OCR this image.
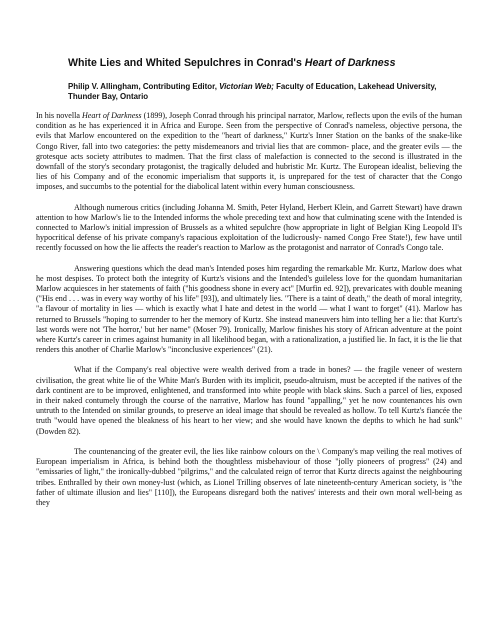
White Lies and Whited Sepulchres in Conrad's Heart of Darkness
Philip V. Allingham, Contributing Editor, Victorian Web; Faculty of Education, Lakehead University, Thunder Bay, Ontario

In his novella Heart of Darkness (1899), Joseph Conrad through his principal narrator, Marlow, reflects upon the evils of the human condition as he has experienced it in Africa and Europe. Seen from the perspective of Conrad's nameless, objective persona, the evils that Marlow encountered on the expedition to the "heart of darkness," Kurtz's Inner Station on the banks of the snake-like Congo River, fall into two categories: the petty misdemeanors and trivial lies that are common- place, and the greater evils — the grotesque acts society attributes to madmen. That the first class of malefaction is connected to the second is illustrated in the downfall of the story's secondary protagonist, the tragically deluded and hubristic Mr. Kurtz. The European idealist, believing the lies of his Company and of the economic imperialism that supports it, is unprepared for the test of character that the Congo imposes, and succumbs to the potential for the diabolical latent within every human consciousness.

Although numerous critics (including Johanna M. Smith, Peter Hyland, Herbert Klein, and Garrett Stewart) have drawn attention to how Marlow's lie to the Intended informs the whole preceding text and how that culminating scene with the Intended is connected to Marlow's initial impression of Brussels as a whited sepulchre (how appropriate in light of Belgian King Leopold II's hypocritical defense of his private company's rapacious exploitation of the ludicrously- named Congo Free State!), few have until recently focussed on how the lie affects the reader's reaction to Marlow as the protagonist and narrator of Conrad's Congo tale.

Answering questions which the dead man's Intended poses him regarding the remarkable Mr. Kurtz, Marlow does what he most despises. To protect both the integrity of Kurtz's visions and the Intended's guileless love for the quondam humanitarian Marlow acquiesces in her statements of faith ("his goodness shone in every act" [Murfin ed. 92]), prevaricates with double meaning ("His end . . . was in every way worthy of his life" [93]), and ultimately lies. "There is a taint of death," the death of moral integrity, "a flavour of mortality in lies — which is exactly what I hate and detest in the world — what I want to forget" (41). Marlow has returned to Brussels "hoping to surrender to her the memory of Kurtz. She instead maneuvers him into telling her a lie: that Kurtz's last words were not 'The horror,' but her name" (Moser 79). Ironically, Marlow finishes his story of African adventure at the point where Kurtz's career in crimes against humanity in all likelihood began, with a rationalization, a justified lie. In fact, it is the lie that renders this another of Charlie Marlow's "inconclusive experiences" (21).

What if the Company's real objective were wealth derived from a trade in bones? — the fragile veneer of western civilisation, the great white lie of the White Man's Burden with its implicit, pseudo-altruism, must be accepted if the natives of the dark continent are to be improved, enlightened, and transformed into white people with black skins. Such a parcel of lies, exposed in their naked contumely through the course of the narrative, Marlow has found "appalling," yet he now countenances his own untruth to the Intended on similar grounds, to preserve an ideal image that should be revealed as hollow. To tell Kurtz's fiancée the truth "would have opened the bleakness of his heart to her view; and she would have known the depths to which he had sunk" (Dowden 82).

The countenancing of the greater evil, the lies like rainbow colours on the \ Company's map veiling the real motives of European imperialism in Africa, is behind both the thoughtless misbehaviour of those "jolly pioneers of progress" (24) and "emissaries of light," the ironically-dubbed "pilgrims," and the calculated reign of terror that Kurtz directs against the neighbouring tribes. Enthralled by their own money-lust (which, as Lionel Trilling observes of late nineteenth-century American society, is "the father of ultimate illusion and lies" [110]), the Europeans disregard both the natives' interests and their own moral well-being as they
